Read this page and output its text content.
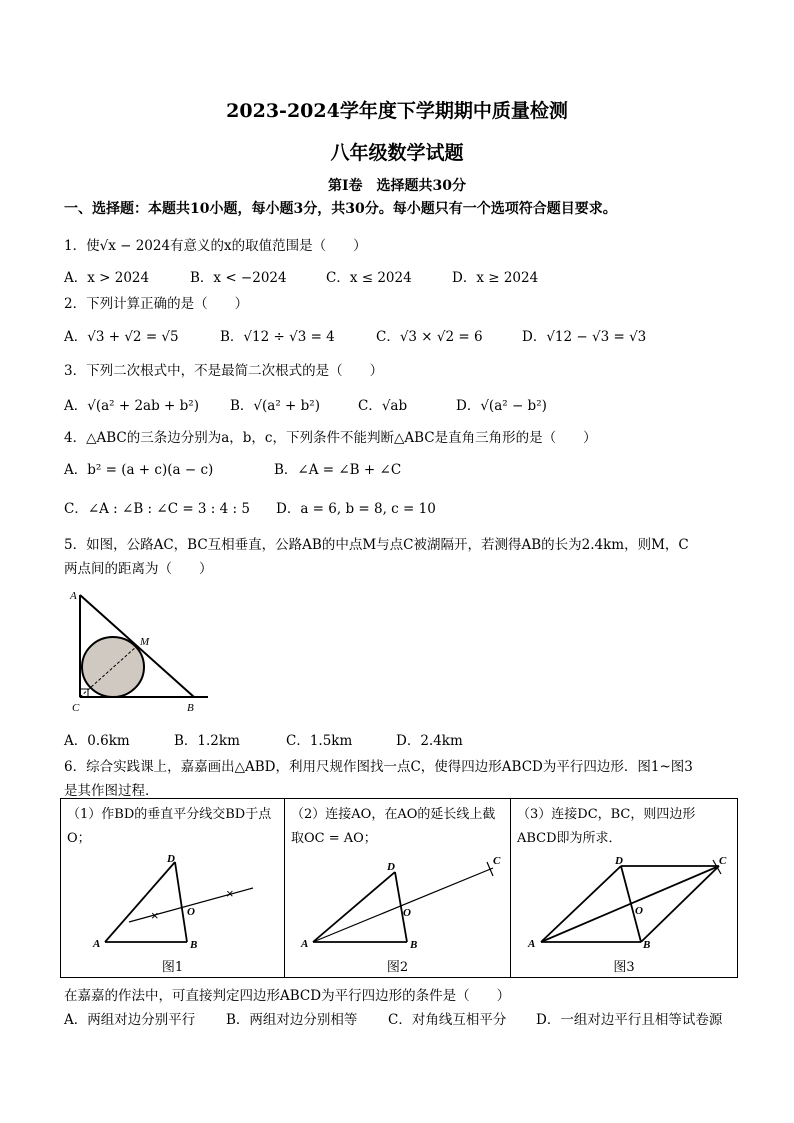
2023-2024学年度下学期期中质量检测
八年级数学试题
第Ⅰ卷　选择题共30分
一、选择题：本题共10小题，每小题3分，共30分。每小题只有一个选项符合题目要求。
1．使√x − 2024有意义的x的取值范围是（　　）
A．x > 2024	B．x < −2024	C．x ≤ 2024	D．x ≥ 2024
2．下列计算正确的是（　　）
A．√3 + √2 = √5	B．√12 ÷ √3 = 4	C．√3 × √2 = 6	D．√12 − √3 = √3
3．下列二次根式中，不是最简二次根式的是（　　）
A．√(a² + 2ab + b²) B．√(a² + b²)	C．√ab	D．√(a² − b²)
4．△ABC的三条边分别为a，b，c，下列条件不能判断△ABC是直角三角形的是（　　）
A．b² = (a + c)(a − c)	B．∠A = ∠B + ∠C
C．∠A : ∠B : ∠C = 3 : 4 : 5 D．a = 6, b = 8, c = 10
5．如图，公路AC，BC互相垂直，公路AB的中点M与点C被湖隔开，若测得AB的长为2.4km，则M，C
两点间的距离为（　　）
A
C	B
M
A．0.6km	B．1.2km	C．1.5km	D．2.4km
6．综合实践课上，嘉嘉画出△ABD，利用尺规作图找一点C，使得四边形ABCD为平行四边形．图1~图3
是其作图过程．
（1）作BD的垂直平分线交BD于点O；
×
×
A	B
D
O
图1
（2）连接AO，在AO的延长线上截取OC = AO；
A	B
D
O
C
图2
（3）连接DC，BC，则四边形ABCD即为所求．
A	B
D
O
C
图3
在嘉嘉的作法中，可直接判定四边形ABCD为平行四边形的条件是（　　）
A．两组对边分别平行 B．两组对边分别相等 C．对角线互相平分 D．一组对边平行且相等试卷源
